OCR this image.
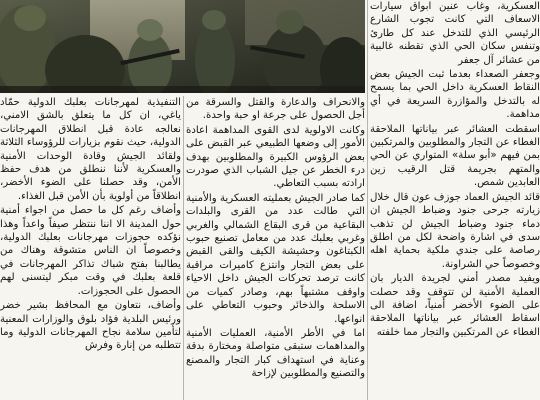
العسكرية، وغاب عنين ابواق سيارات الاسعاف التي كانت تجوب الشارع الرئيسي الذي للتدخل عند كل طارئ وتنفس سكان الحي الذي تقطنه غالبية من عشائر آل جعفر

وجعفر الصعداء بعدما ثبت الجيش بعض النقاط العسكرية داخل الحي بما يسمح له بالتدخل والمؤازرة السريعة في أي مداهمة.

اسقطت العشائر عبر بياناتها الملاحقة الغطاء عن التجار والمطلوبين والمرتكبين بمن فيهم «أبو سلة» المتواري عن الحي والمتهم بجريمة قتل الرقيب زين العابدين شمص.

قائد الجيش العماد جوزف عون قال خلال زيارته جرحى جنود وضباط الجيش ان دماء جنود وضباط الجيش لن تذهب سدى في اشارة واضحة لكل من اطلق رصاصة على جندي ملكية بحماية اهله وخصوصاً حي الشراونة.

ويفيد مصدر أمني لجريدة الديار بان العملية الأمنية لن تتوقف وقد حصلت على الضوء الأخضر أمنياً، اضافة الى اسقاط العشائر عبر بياناتها الملاحقة الغطاء عن المرتكبين والتجار مما خلفته

والانحراف والدعارة والقتل والسرقة من أجل الحصول على جرعة او حبة واحدة.

وكانت الاولوية لدى القوى المداهمة اعادة الأمور إلى وضعها الطبيعي عبر القبض على بعض الرؤوس الكبيرة والمطلوبين بهدف درء الخطر عن جيل الشباب الذي صودرت ارادته بسبب التعاطي.

كما صادر الجيش بعمليته العسكرية والأمنية التي طالت عدد من القرى والبلدات البقاعية من قرى البقاع الشمالي والغربي وغربي بعلبك عدد من معامل تصنيع حبوب الكبتاغون وحشيشة الكيف والقى القبض على بعض التجار وانتزع كاميرات مراقبة كانت ترصد تحركات الجيش داخل الاحياء واوقف مشتبهاً بهم، وصادر كميات من الاسلحة والذخائر وحبوب التعاطي على انواعها.

اما في الأطر الأمنية، العمليات الأمنية والمداهمات ستبقى متواصلة ومختارة بدقة وعناية في استهداف كبار التجار والمصنع والتصنيع والمطلوبين لإزاحة

التنفيذية لمهرجانات بعلبك الدولية حمّاد ياغي، ان كل ما يتعلق بالشق الامني، نعالجه عادة قبل انطلاق المهرجانات الدولية، حيث نقوم بزيارات للرؤوساء الثلاثة ولقائد الجيش وقادة الوحدات الأمنية والعسكرية لأننا ننطلق من هدف حفظ الأمن، وقد حصلنا على الضوء الأخضر، انطلاقاً من أولوية بأن الأمن قبل الغذاء.

وأضاف رغم كل ما حصل من اجواء أمنية حول المدينة الا اننا ننتظر صيفاً واعداً وهذا نؤكده حجوزات مهرجانات بعلبك الدولية، وخصوصاً ان الناس متشوقة وهناك من يطالبنا بفتح شباك تذاكر المهرجانات في قلعة بعلبك في وقت مبكر ليتسنى لهم الحصول على الحجوزات.

وأضاف، نتعاون مع المحافظ بشير خضر ورئيس البلدية فؤاد بلوق والوزارات المعنية لتأمين سلامة نجاح المهرجانات الدولية وما تتطلبه من إنارة وفرش
